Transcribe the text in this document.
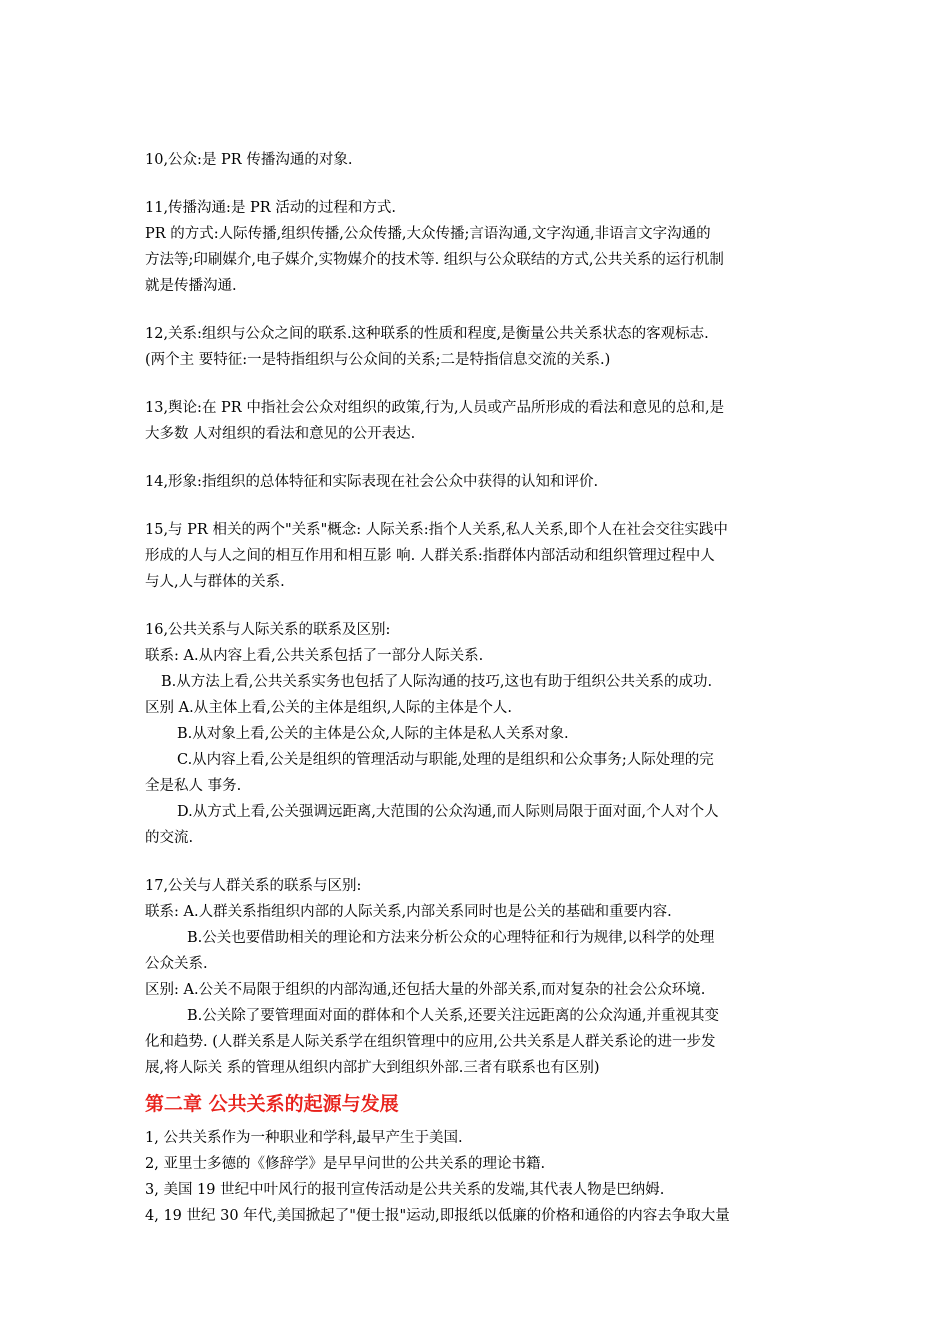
10,公众:是 PR 传播沟通的对象.
11,传播沟通:是 PR 活动的过程和方式.
PR 的方式:人际传播,组织传播,公众传播,大众传播;言语沟通,文字沟通,非语言文字沟通的
方法等;印刷媒介,电子媒介,实物媒介的技术等. 组织与公众联结的方式,公共关系的运行机制
就是传播沟通.
12,关系:组织与公众之间的联系.这种联系的性质和程度,是衡量公共关系状态的客观标志.
(两个主 要特征:一是特指组织与公众间的关系;二是特指信息交流的关系.)
13,舆论:在 PR 中指社会公众对组织的政策,行为,人员或产品所形成的看法和意见的总和,是
大多数 人对组织的看法和意见的公开表达.
14,形象:指组织的总体特征和实际表现在社会公众中获得的认知和评价.
15,与 PR 相关的两个"关系"概念: 人际关系:指个人关系,私人关系,即个人在社会交往实践中
形成的人与人之间的相互作用和相互影 响. 人群关系:指群体内部活动和组织管理过程中人
与人,人与群体的关系.
16,公共关系与人际关系的联系及区别:
联系: A.从内容上看,公共关系包括了一部分人际关系.
B.从方法上看,公共关系实务也包括了人际沟通的技巧,这也有助于组织公共关系的成功.
区别 A.从主体上看,公关的主体是组织,人际的主体是个人.
B.从对象上看,公关的主体是公众,人际的主体是私人关系对象.
C.从内容上看,公关是组织的管理活动与职能,处理的是组织和公众事务;人际处理的完
全是私人 事务.
D.从方式上看,公关强调远距离,大范围的公众沟通,而人际则局限于面对面,个人对个人
的交流.
17,公关与人群关系的联系与区别:
联系: A.人群关系指组织内部的人际关系,内部关系同时也是公关的基础和重要内容.
B.公关也要借助相关的理论和方法来分析公众的心理特征和行为规律,以科学的处理
公众关系.
区别: A.公关不局限于组织的内部沟通,还包括大量的外部关系,而对复杂的社会公众环境.
B.公关除了要管理面对面的群体和个人关系,还要关注远距离的公众沟通,并重视其变
化和趋势. (人群关系是人际关系学在组织管理中的应用,公共关系是人群关系论的进一步发
展,将人际关 系的管理从组织内部扩大到组织外部.三者有联系也有区别)
第二章 公共关系的起源与发展
1, 公共关系作为一种职业和学科,最早产生于美国.
2, 亚里士多德的《修辞学》是早早问世的公共关系的理论书籍.
3, 美国 19 世纪中叶风行的报刊宣传活动是公共关系的发端,其代表人物是巴纳姆.
4, 19 世纪 30 年代,美国掀起了"便士报"运动,即报纸以低廉的价格和通俗的内容去争取大量
